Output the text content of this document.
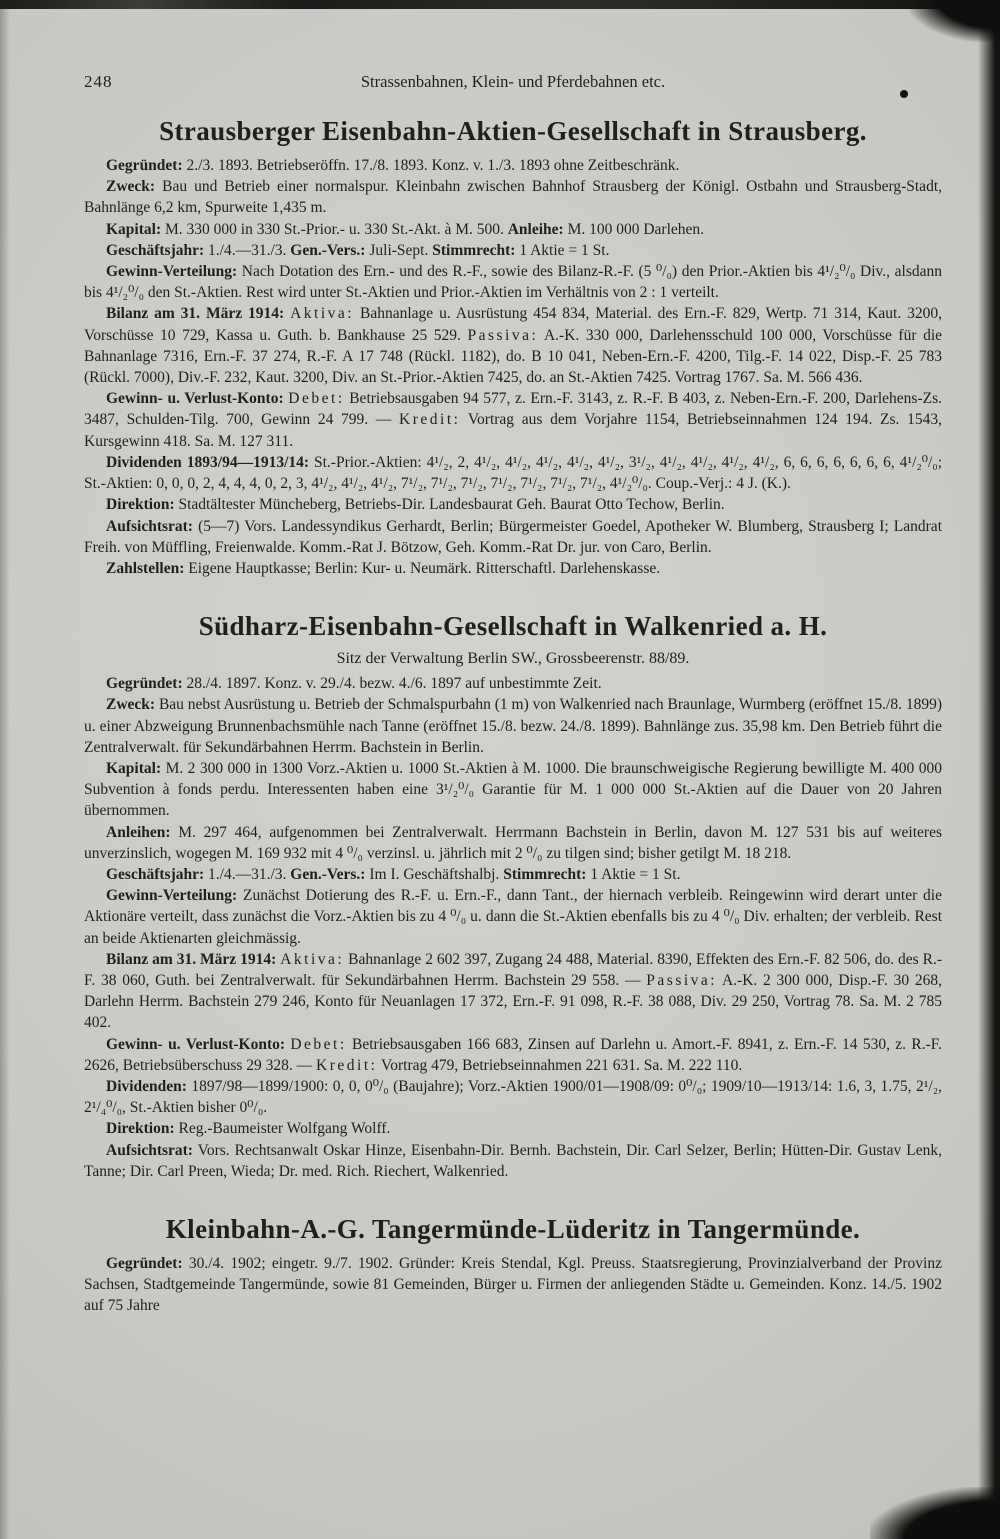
248	Strassenbahnen, Klein- und Pferdebahnen etc.
Strausberger Eisenbahn-Aktien-Gesellschaft in Strausberg.

Gegründet: 2./3. 1893. Betriebseröffn. 17./8. 1893. Konz. v. 1./3. 1893 ohne Zeitbeschränk.

Zweck: Bau und Betrieb einer normalspur. Kleinbahn zwischen Bahnhof Strausberg der Königl. Ostbahn und Strausberg-Stadt, Bahnlänge 6,2 km, Spurweite 1,435 m.

Kapital: M. 330 000 in 330 St.-Prior.- u. 330 St.-Akt. à M. 500. Anleihe: M. 100 000 Darlehen.

Geschäftsjahr: 1./4.—31./3. Gen.-Vers.: Juli-Sept. Stimmrecht: 1 Aktie = 1 St.

Gewinn-Verteilung: Nach Dotation des Ern.- und des R.-F., sowie des Bilanz-R.-F. (5 ⁰/₀) den Prior.-Aktien bis 4¹/₂⁰/₀ Div., alsdann bis 4¹/₂⁰/₀ den St.-Aktien. Rest wird unter St.-Aktien und Prior.-Aktien im Verhältnis von 2 : 1 verteilt.

Bilanz am 31. März 1914: Aktiva: Bahnanlage u. Ausrüstung 454 834, Material. des Ern.-F. 829, Wertp. 71 314, Kaut. 3200, Vorschüsse 10 729, Kassa u. Guth. b. Bankhause 25 529. Passiva: A.-K. 330 000, Darlehensschuld 100 000, Vorschüsse für die Bahnanlage 7316, Ern.-F. 37 274, R.-F. A 17 748 (Rückl. 1182), do. B 10 041, Neben-Ern.-F. 4200, Tilg.-F. 14 022, Disp.-F. 25 783 (Rückl. 7000), Div.-F. 232, Kaut. 3200, Div. an St.-Prior.-Aktien 7425, do. an St.-Aktien 7425. Vortrag 1767. Sa. M. 566 436.

Gewinn- u. Verlust-Konto: Debet: Betriebsausgaben 94 577, z. Ern.-F. 3143, z. R.-F. B 403, z. Neben-Ern.-F. 200, Darlehens-Zs. 3487, Schulden-Tilg. 700, Gewinn 24 799. — Kredit: Vortrag aus dem Vorjahre 1154, Betriebseinnahmen 124 194. Zs. 1543, Kursgewinn 418. Sa. M. 127 311.

Dividenden 1893/94—1913/14: St.-Prior.-Aktien: 4¹/₂, 2, 4¹/₂, 4¹/₂, 4¹/₂, 4¹/₂, 4¹/₂, 3¹/₂, 4¹/₂, 4¹/₂, 4¹/₂, 4¹/₂, 6, 6, 6, 6, 6, 6, 6, 4¹/₂⁰/₀; St.-Aktien: 0, 0, 0, 2, 4, 4, 4, 0, 2, 3, 4¹/₂, 4¹/₂, 4¹/₂, 7¹/₂, 7¹/₂, 7¹/₂, 7¹/₂, 7¹/₂, 7¹/₂, 7¹/₂, 4¹/₂⁰/₀. Coup.-Verj.: 4 J. (K.).

Direktion: Stadtältester Müncheberg, Betriebs-Dir. Landesbaurat Geh. Baurat Otto Techow, Berlin.

Aufsichtsrat: (5—7) Vors. Landessyndikus Gerhardt, Berlin; Bürgermeister Goedel, Apotheker W. Blumberg, Strausberg I; Landrat Freih. von Müffling, Freienwalde. Komm.-Rat J. Bötzow, Geh. Komm.-Rat Dr. jur. von Caro, Berlin.

Zahlstellen: Eigene Hauptkasse; Berlin: Kur- u. Neumärk. Ritterschaftl. Darlehenskasse.

Südharz-Eisenbahn-Gesellschaft in Walkenried a. H.
Sitz der Verwaltung Berlin SW., Grossbeerenstr. 88/89.

Gegründet: 28./4. 1897. Konz. v. 29./4. bezw. 4./6. 1897 auf unbestimmte Zeit.

Zweck: Bau nebst Ausrüstung u. Betrieb der Schmalspurbahn (1 m) von Walkenried nach Braunlage, Wurmberg (eröffnet 15./8. 1899) u. einer Abzweigung Brunnenbachsmühle nach Tanne (eröffnet 15./8. bezw. 24./8. 1899). Bahnlänge zus. 35,98 km. Den Betrieb führt die Zentralverwalt. für Sekundärbahnen Herrm. Bachstein in Berlin.

Kapital: M. 2 300 000 in 1300 Vorz.-Aktien u. 1000 St.-Aktien à M. 1000. Die braunschweigische Regierung bewilligte M. 400 000 Subvention à fonds perdu. Interessenten haben eine 3¹/₂⁰/₀ Garantie für M. 1 000 000 St.-Aktien auf die Dauer von 20 Jahren übernommen.

Anleihen: M. 297 464, aufgenommen bei Zentralverwalt. Herrmann Bachstein in Berlin, davon M. 127 531 bis auf weiteres unverzinslich, wogegen M. 169 932 mit 4 ⁰/₀ verzinsl. u. jährlich mit 2 ⁰/₀ zu tilgen sind; bisher getilgt M. 18 218.

Geschäftsjahr: 1./4.—31./3. Gen.-Vers.: Im I. Geschäftshalbj. Stimmrecht: 1 Aktie = 1 St.

Gewinn-Verteilung: Zunächst Dotierung des R.-F. u. Ern.-F., dann Tant., der hiernach verbleib. Reingewinn wird derart unter die Aktionäre verteilt, dass zunächst die Vorz.-Aktien bis zu 4 ⁰/₀ u. dann die St.-Aktien ebenfalls bis zu 4 ⁰/₀ Div. erhalten; der verbleib. Rest an beide Aktienarten gleichmässig.

Bilanz am 31. März 1914: Aktiva: Bahnanlage 2 602 397, Zugang 24 488, Material. 8390, Effekten des Ern.-F. 82 506, do. des R.-F. 38 060, Guth. bei Zentralverwalt. für Sekundärbahnen Herrm. Bachstein 29 558. — Passiva: A.-K. 2 300 000, Disp.-F. 30 268, Darlehn Herrm. Bachstein 279 246, Konto für Neuanlagen 17 372, Ern.-F. 91 098, R.-F. 38 088, Div. 29 250, Vortrag 78. Sa. M. 2 785 402.

Gewinn- u. Verlust-Konto: Debet: Betriebsausgaben 166 683, Zinsen auf Darlehn u. Amort.-F. 8941, z. Ern.-F. 14 530, z. R.-F. 2626, Betriebsüberschuss 29 328. — Kredit: Vortrag 479, Betriebseinnahmen 221 631. Sa. M. 222 110.

Dividenden: 1897/98—1899/1900: 0, 0, 0⁰/₀ (Baujahre); Vorz.-Aktien 1900/01—1908/09: 0⁰/₀; 1909/10—1913/14: 1.6, 3, 1.75, 2¹/₂, 2¹/₄⁰/₀, St.-Aktien bisher 0⁰/₀.

Direktion: Reg.-Baumeister Wolfgang Wolff.

Aufsichtsrat: Vors. Rechtsanwalt Oskar Hinze, Eisenbahn-Dir. Bernh. Bachstein, Dir. Carl Selzer, Berlin; Hütten-Dir. Gustav Lenk, Tanne; Dir. Carl Preen, Wieda; Dr. med. Rich. Riechert, Walkenried.

Kleinbahn-A.-G. Tangermünde-Lüderitz in Tangermünde.

Gegründet: 30./4. 1902; eingetr. 9./7. 1902. Gründer: Kreis Stendal, Kgl. Preuss. Staatsregierung, Provinzialverband der Provinz Sachsen, Stadtgemeinde Tangermünde, sowie 81 Gemeinden, Bürger u. Firmen der anliegenden Städte u. Gemeinden. Konz. 14./5. 1902 auf 75 Jahre
